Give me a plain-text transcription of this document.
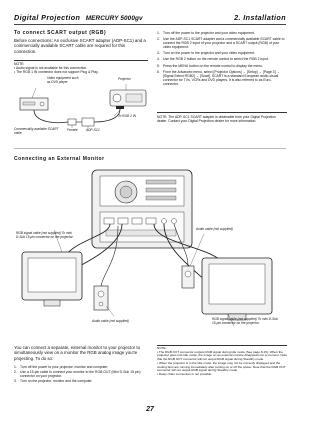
Digital Projection MERCURY 5000gv	2. Installation
To connect SCART output (RGB)
Before connections: An exclusive SCART adapter (ADP-SC1) and a commercially available SCART cable are required for this connection.
NOTE:
• Audio signal is not available for this connection.
• The RGB 1 IN connector does not support Plug & Play.
Video equipment such as DVD player
Projector
To RGB 2 IN
Commercially available SCART cable
Female	ADP-SC1
1. Turn off the power to the projector and your video equipment.
2. Use the ADP-SC1 SCART adapter and a commercially available SCART cable to connect the RGB 2 input of your projector and a SCART output (RGB) of your video equipment.
3. Turn on the power to the projector and your video equipment.
4. Use the RGB 2 button on the remote control to select the RGB 2 input.
5. Press the MENU button on the remote control to display the menu.
6. From the Advanced menu, select [Projector Options] → [Setup] → [Page 3] → [Signal Select RGB2] → [Scart]. SCART is a standard European audio-visual connector for TVs, VCRs and DVD players. It is also referred to as Euro-connector.
NOTE: The ADP-SC1 SCART adapter is obtainable from your Digital Projection dealer. Contact your Digital Projection dealer for more information.
Connecting an External Monitor
RGB signal cable (not supplied) To mini D-Sub 15-pin connector on the projector.
Audio cable (not supplied)
Audio cable (not supplied)
RGB signal cable (not supplied) To mini D-Sub 15-pin connector on the projector.
You can connect a separate, external monitor to your projector to simultaneously view on a monitor the RGB analog image you're projecting. To do so:
1. Turn off the power to your projector, monitor and computer.
2. Use a 15-pin cable to connect your monitor to the RGB OUT (Mini D-Sub 15 pin) connector on your projector.
3. Turn on the projector, monitor and the computer.
NOTE:
• The RGB OUT connector outputs RGB signal during idle mode (See page 8-15). When the projector goes into idle mode, the image on an external monitor disappears for a moment. Note that the RGB OUT connector will not output RGB signal during Standby mode.
• When the projector is in the Idle mode, the image may not be correctly displayed and the cooling fans are running immediately after turning on or off the power. Note that the RGB OUT connector will not output RGB signal during Standby mode.
• Daisy chain connection is not possible.
27
